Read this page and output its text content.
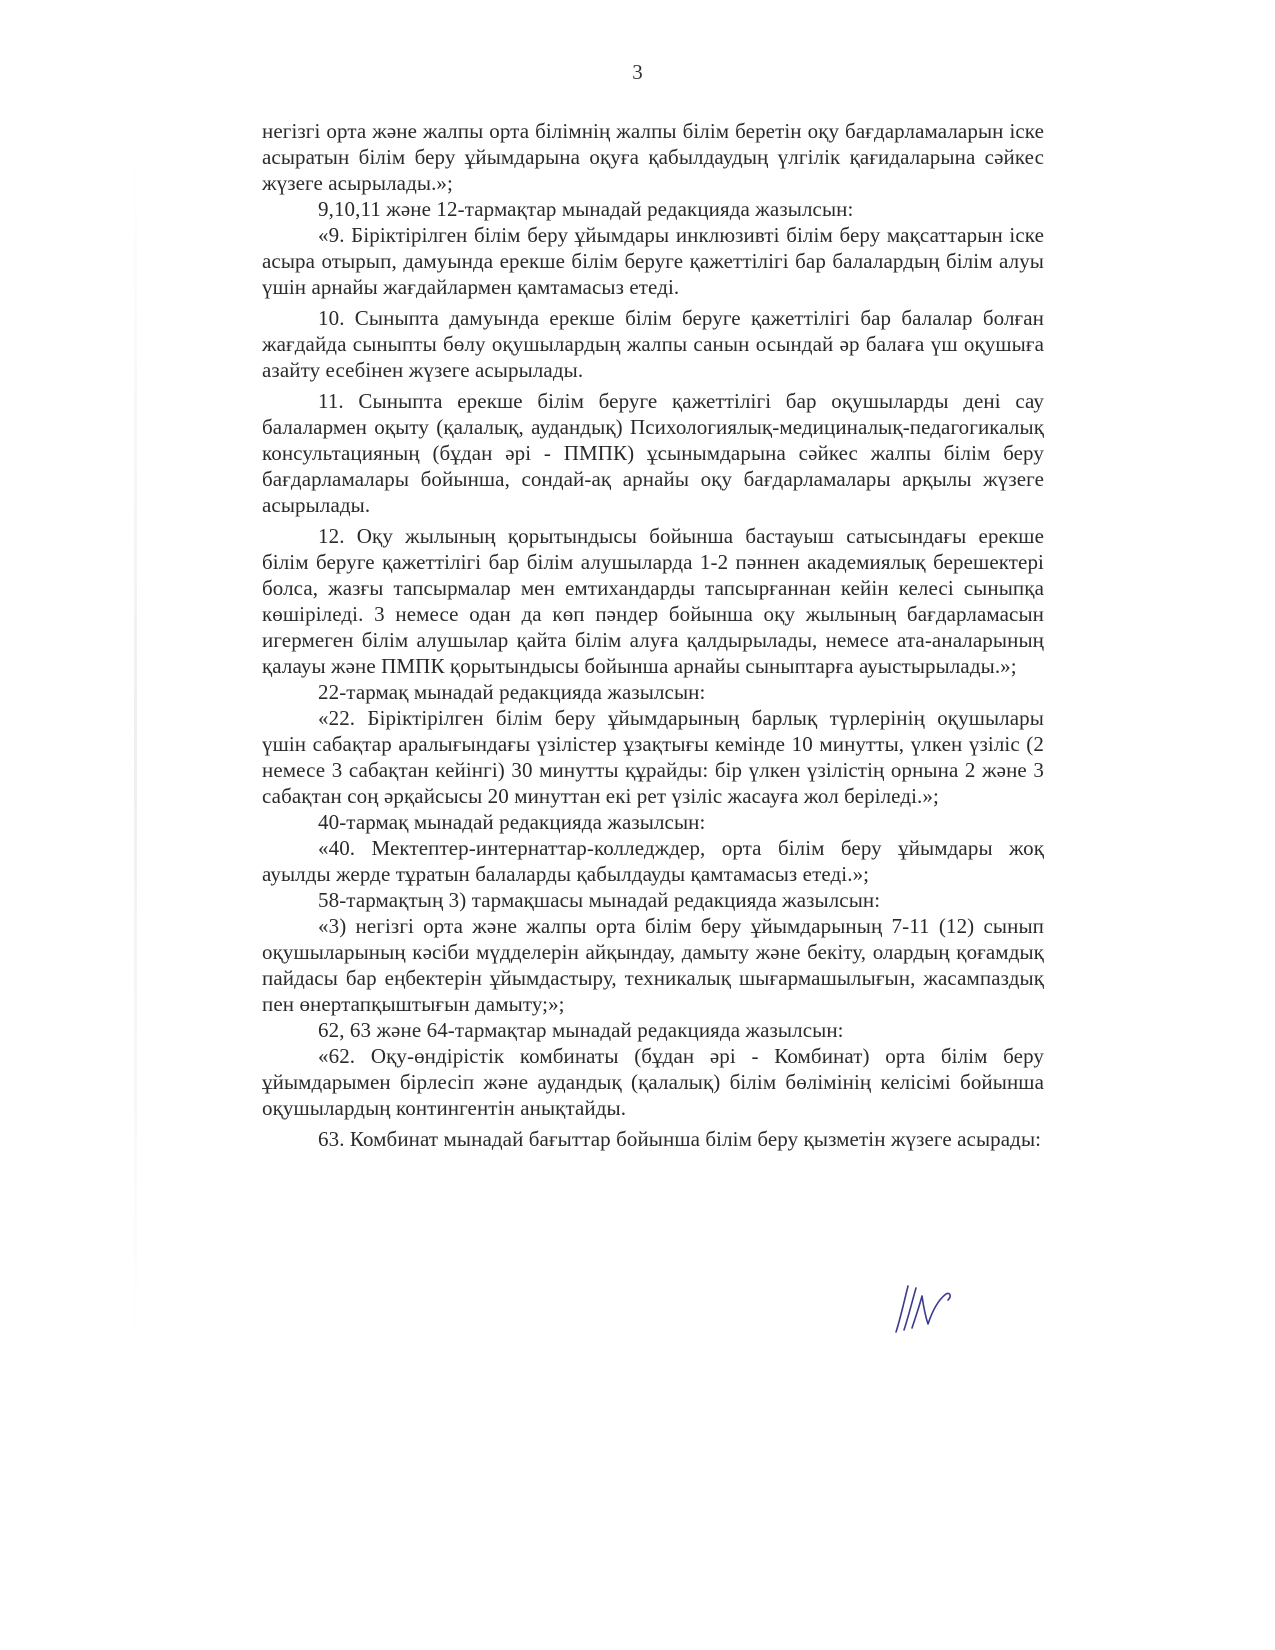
3

негізгі орта және жалпы орта білімнің жалпы білім беретін оқу бағдарламаларын іске асыратын білім беру ұйымдарына оқуға қабылдаудың үлгілік қағидаларына сәйкес жүзеге асырылады.»;

9,10,11 және 12-тармақтар мынадай редакцияда жазылсын:

«9. Біріктірілген білім беру ұйымдары инклюзивті білім беру мақсаттарын іске асыра отырып, дамуында ерекше білім беруге қажеттілігі бар балалардың білім алуы үшін арнайы жағдайлармен қамтамасыз етеді.

10. Сыныпта дамуында ерекше білім беруге қажеттілігі бар балалар болған жағдайда сыныпты бөлу оқушылардың жалпы санын осындай әр балаға үш оқушыға азайту есебінен жүзеге асырылады.

11. Сыныпта ерекше білім беруге қажеттілігі бар оқушыларды дені сау балалармен оқыту (қалалық, аудандық) Психологиялық-медициналық-педагогикалық консультацияның (бұдан әрі - ПМПК) ұсынымдарына сәйкес жалпы білім беру бағдарламалары бойынша, сондай-ақ арнайы оқу бағдарламалары арқылы жүзеге асырылады.

12. Оқу жылының қорытындысы бойынша бастауыш сатысындағы ерекше білім беруге қажеттілігі бар білім алушыларда 1-2 пәннен академиялық берешектері болса, жазғы тапсырмалар мен емтихандарды тапсырғаннан кейін келесі сыныпқа көшіріледі. 3 немесе одан да көп пәндер бойынша оқу жылының бағдарламасын игермеген білім алушылар қайта білім алуға қалдырылады, немесе ата-аналарының қалауы және ПМПК қорытындысы бойынша арнайы сыныптарға ауыстырылады.»;

22-тармақ мынадай редакцияда жазылсын:

«22. Біріктірілген білім беру ұйымдарының барлық түрлерінің оқушылары үшін сабақтар аралығындағы үзілістер ұзақтығы кемінде 10 минутты, үлкен үзіліс (2 немесе 3 сабақтан кейінгі) 30 минутты құрайды: бір үлкен үзілістің орнына 2 және 3 сабақтан соң әрқайсысы 20 минуттан екі рет үзіліс жасауға жол беріледі.»;

40-тармақ мынадай редакцияда жазылсын:

«40. Мектептер-интернаттар-колледждер, орта білім беру ұйымдары жоқ ауылды жерде тұратын балаларды қабылдауды қамтамасыз етеді.»;

58-тармақтың 3) тармақшасы мынадай редакцияда жазылсын:

«3) негізгі орта және жалпы орта білім беру ұйымдарының 7-11 (12) сынып оқушыларының кәсіби мүдделерін айқындау, дамыту және бекіту, олардың қоғамдық пайдасы бар еңбектерін ұйымдастыру, техникалық шығармашылығын, жасампаздық пен өнертапқыштығын дамыту;»;

62, 63 және 64-тармақтар мынадай редакцияда жазылсын:

«62. Оқу-өндірістік комбинаты (бұдан әрі - Комбинат) орта білім беру ұйымдарымен бірлесіп және аудандық (қалалық) білім бөлімінің келісімі бойынша оқушылардың контингентін анықтайды.

63. Комбинат мынадай бағыттар бойынша білім беру қызметін жүзеге асырады:
